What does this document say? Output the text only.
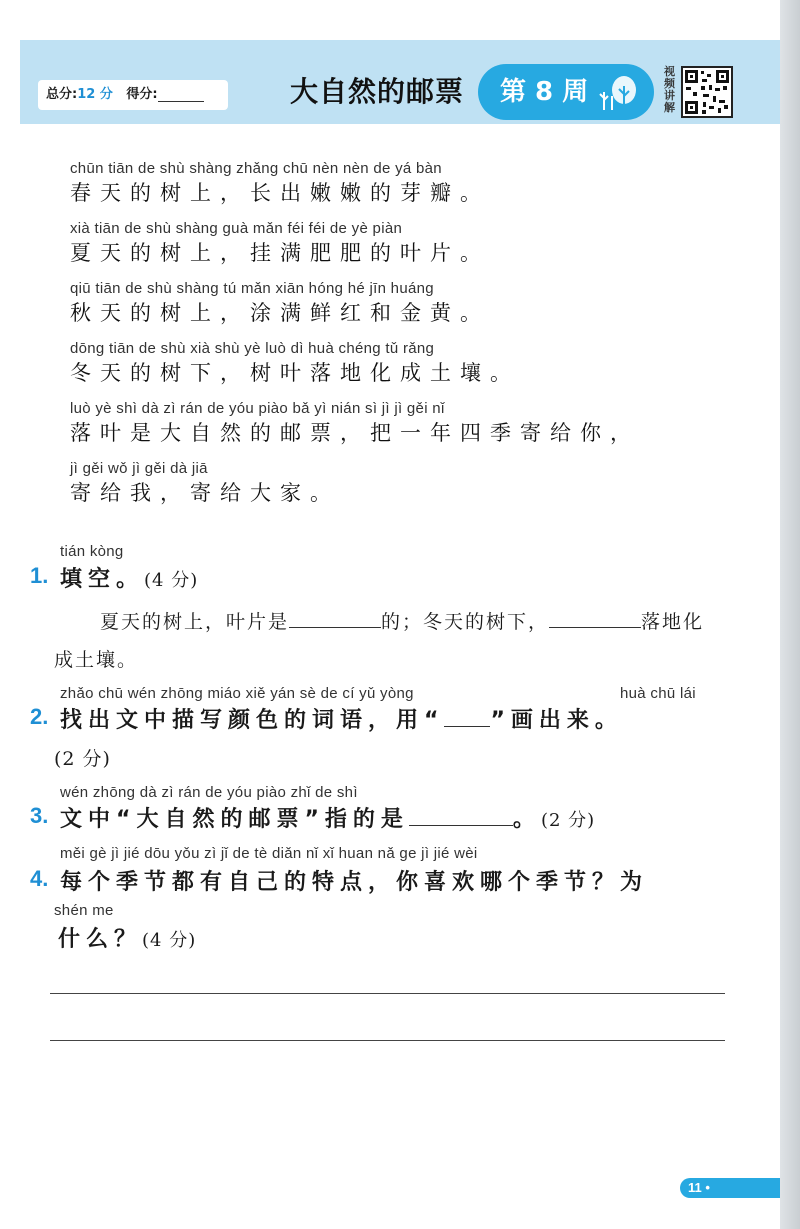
总分:12 分 得分:	大自然的邮票	第 8 周
视频讲解
chūn tiān de shù shàng zhǎng chū nèn nèn de yá bàn
春天的树上，长出嫩嫩的芽瓣。
xià tiān de shù shàng guà mǎn féi féi de yè piàn
夏天的树上，挂满肥肥的叶片。
qiū tiān de shù shàng tú mǎn xiān hóng hé jīn huáng
秋天的树上，涂满鲜红和金黄。
dōng tiān de shù xià shù yè luò dì huà chéng tǔ rǎng
冬天的树下，树叶落地化成土壤。
luò yè shì dà zì rán de yóu piào bǎ yì nián sì jì jì gěi nǐ
落叶是大自然的邮票，把一年四季寄给你，
jì gěi wǒ jì gěi dà jiā
寄给我，寄给大家。
tián kòng
1. 填空。(4 分)
夏天的树上，叶片是	的；冬天的树下，	落地化
成土壤。
zhǎo chū wén zhōng miáo xiě yán sè de cí yǔ yòng	huà chū lái
2. 找出文中描写颜色的词语，用“ ”画出来。
(2 分)
wén zhōng dà zì rán de yóu piào zhǐ de shì
3. 文中“大自然的邮票”指的是	。(2 分)
měi gè jì jié dōu yǒu zì jǐ de tè diǎn nǐ xǐ huan nǎ ge jì jié wèi
4. 每个季节都有自己的特点，你喜欢哪个季节？为
shén me
什么？(4 分)
11 •
